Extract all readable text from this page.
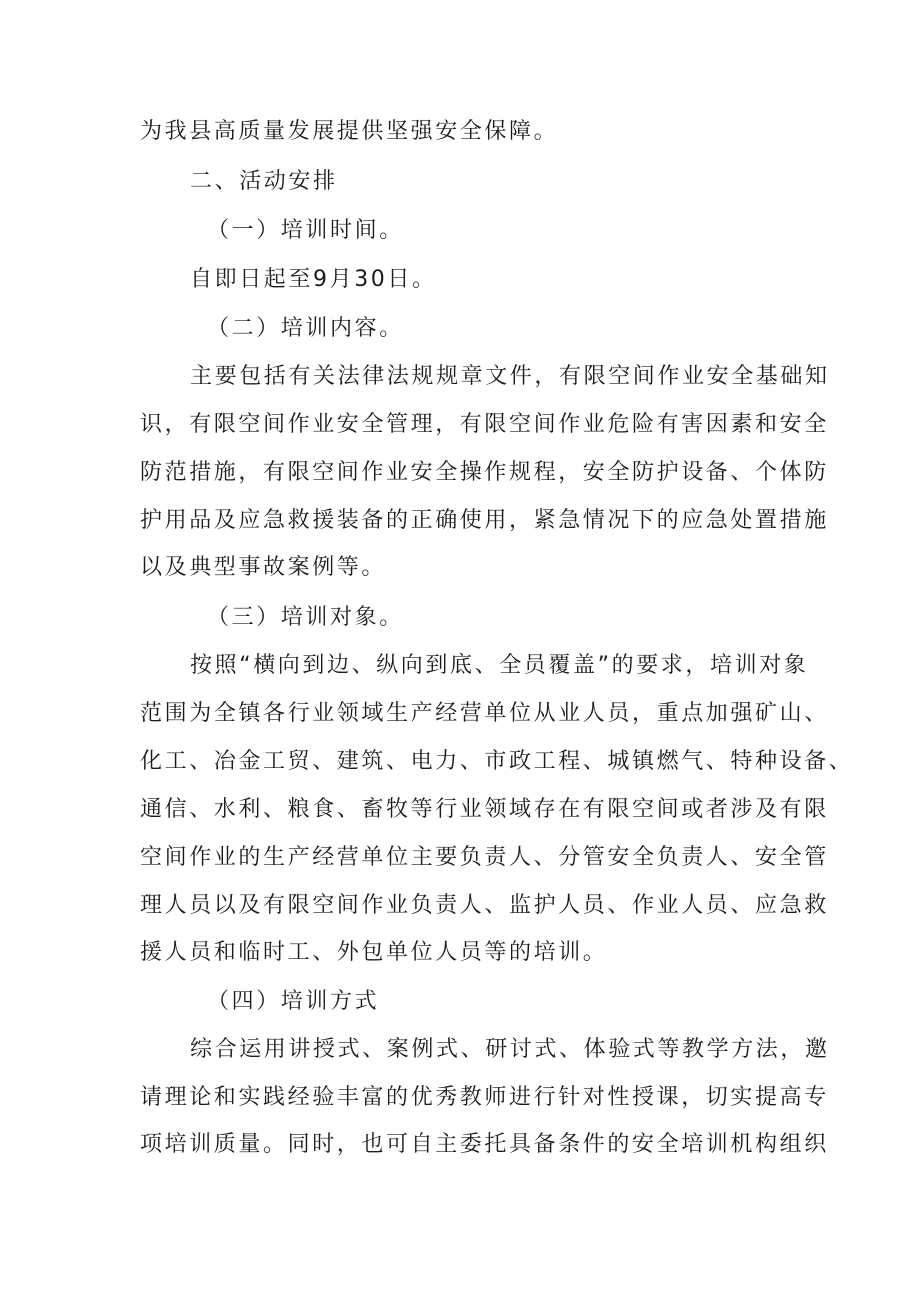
为我县高质量发展提供坚强安全保障。
二、活动安排
（一）培训时间。
自即日起至9月30日。
（二）培训内容。
主要包括有关法律法规规章文件，有限空间作业安全基础知
识，有限空间作业安全管理，有限空间作业危险有害因素和安全
防范措施，有限空间作业安全操作规程，安全防护设备、个体防
护用品及应急救援装备的正确使用，紧急情况下的应急处置措施
以及典型事故案例等。
（三）培训对象。
按照“横向到边、纵向到底、全员覆盖”的要求，培训对象
范围为全镇各行业领域生产经营单位从业人员，重点加强矿山、
化工、冶金工贸、建筑、电力、市政工程、城镇燃气、特种设备、
通信、水利、粮食、畜牧等行业领域存在有限空间或者涉及有限
空间作业的生产经营单位主要负责人、分管安全负责人、安全管
理人员以及有限空间作业负责人、监护人员、作业人员、应急救
援人员和临时工、外包单位人员等的培训。
（四）培训方式
综合运用讲授式、案例式、研讨式、体验式等教学方法，邀
请理论和实践经验丰富的优秀教师进行针对性授课，切实提高专
项培训质量。同时，也可自主委托具备条件的安全培训机构组织
